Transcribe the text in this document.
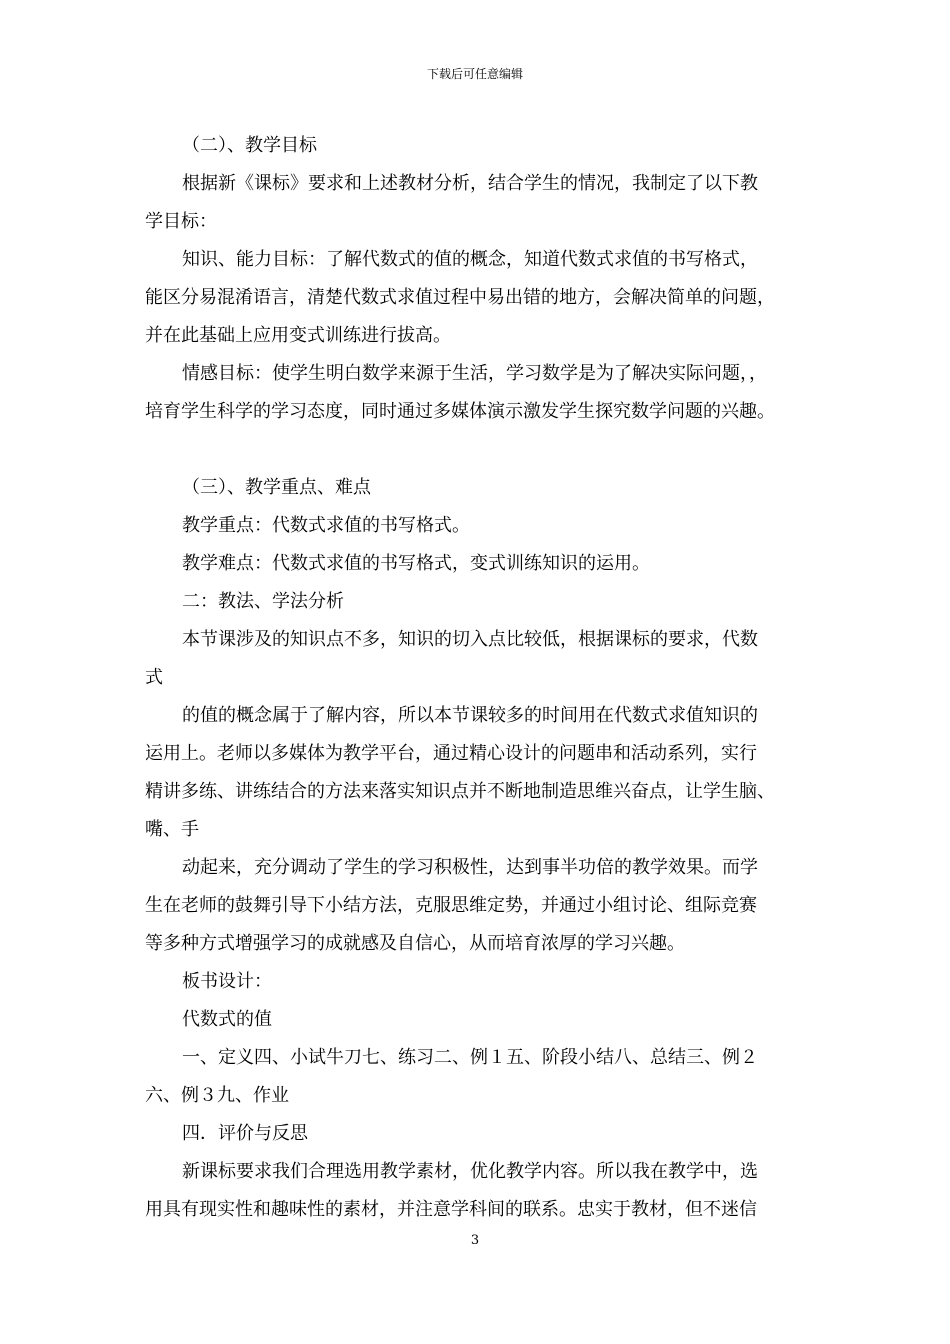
下载后可任意编辑

（二）、教学目标

根据新《课标》要求和上述教材分析，结合学生的情况，我制定了以下教

学目标：

知识、能力目标：了解代数式的值的概念，知道代数式求值的书写格式，

能区分易混淆语言，清楚代数式求值过程中易出错的地方，会解决简单的问题，

并在此基础上应用变式训练进行拔高。

情感目标：使学生明白数学来源于生活，学习数学是为了解决实际问题，，

培育学生科学的学习态度，同时通过多媒体演示激发学生探究数学问题的兴趣。

（三）、教学重点、难点

教学重点：代数式求值的书写格式。

教学难点：代数式求值的书写格式，变式训练知识的运用。

二：教法、学法分析

本节课涉及的知识点不多，知识的切入点比较低，根据课标的要求，代数

式

的值的概念属于了解内容，所以本节课较多的时间用在代数式求值知识的

运用上。老师以多媒体为教学平台，通过精心设计的问题串和活动系列，实行

精讲多练、讲练结合的方法来落实知识点并不断地制造思维兴奋点，让学生脑、

嘴、手

动起来，充分调动了学生的学习积极性，达到事半功倍的教学效果。而学

生在老师的鼓舞引导下小结方法，克服思维定势，并通过小组讨论、组际竞赛

等多种方式增强学习的成就感及自信心，从而培育浓厚的学习兴趣。

板书设计：

代数式的值

一、定义四、小试牛刀七、练习二、例１五、阶段小结八、总结三、例２

六、例３九、作业

四．评价与反思

新课标要求我们合理选用教学素材，优化教学内容。所以我在教学中，选

用具有现实性和趣味性的素材，并注意学科间的联系。忠实于教材，但不迷信

3
